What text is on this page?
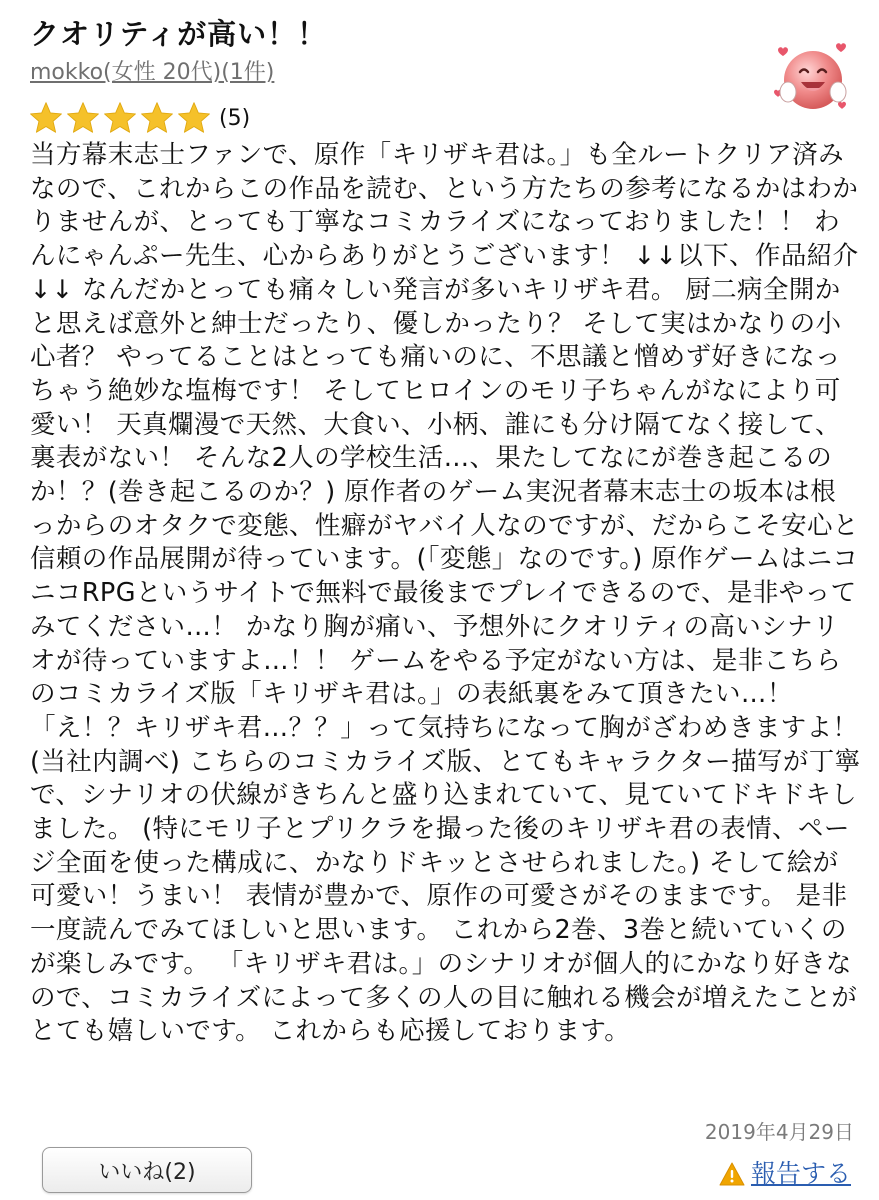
クオリティが高い！！
mokko(女性 20代)(1件)
(5)

当方幕末志士ファンで、原作「キリザキ君は。」も全ルートクリア済みなので、これからこの作品を読む、という方たちの参考になるかはわかりませんが、とっても丁寧なコミカライズになっておりました！！ わんにゃんぷー先生、心からありがとうございます！ ↓↓以下、作品紹介↓↓ なんだかとっても痛々しい発言が多いキリザキ君。 厨二病全開かと思えば意外と紳士だったり、優しかったり？ そして実はかなりの小心者？ やってることはとっても痛いのに、不思議と憎めず好きになっちゃう絶妙な塩梅です！ そしてヒロインのモリ子ちゃんがなにより可愛い！ 天真爛漫で天然、大食い、小柄、誰にも分け隔てなく接して、裏表がない！ そんな2人の学校生活…、果たしてなにが巻き起こるのか！？(巻き起こるのか？) 原作者のゲーム実況者幕末志士の坂本は根っからのオタクで変態、性癖がヤバイ人なのですが、だからこそ安心と信頼の作品展開が待っています。(「変態」なのです。) 原作ゲームはニコニコRPGというサイトで無料で最後までプレイできるので、是非やってみてください…！ かなり胸が痛い、予想外にクオリティの高いシナリオが待っていますよ…！！ ゲームをやる予定がない方は、是非こちらのコミカライズ版「キリザキ君は。」の表紙裏をみて頂きたい…！ 「え！？キリザキ君…？？」って気持ちになって胸がざわめきますよ！(当社内調べ) こちらのコミカライズ版、とてもキャラクター描写が丁寧で、シナリオの伏線がきちんと盛り込まれていて、見ていてドキドキしました。 (特にモリ子とプリクラを撮った後のキリザキ君の表情、ページ全面を使った構成に、かなりドキッとさせられました。) そして絵が可愛い！うまい！ 表情が豊かで、原作の可愛さがそのままです。 是非一度読んでみてほしいと思います。 これから2巻、3巻と続いていくのが楽しみです。 「キリザキ君は。」のシナリオが個人的にかなり好きなので、コミカライズによって多くの人の目に触れる機会が増えたことがとても嬉しいです。 これからも応援しております。

2019年4月29日
いいね(2)	報告する
